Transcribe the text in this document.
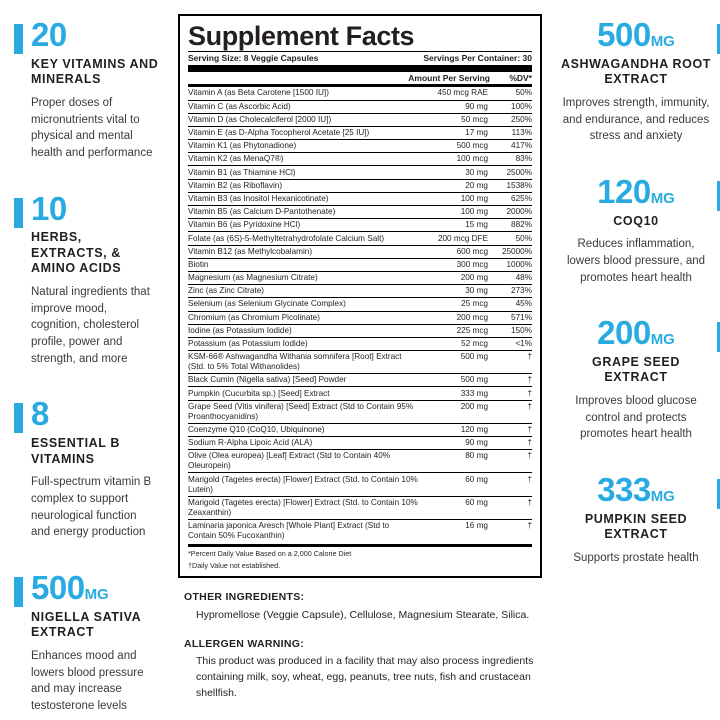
20
KEY VITAMINS AND MINERALS
Proper doses of micronutrients vital to physical and mental health and performance
10
HERBS, EXTRACTS, & AMINO ACIDS
Natural ingredients that improve mood, cognition, cholesterol profile, power and strength, and more
8
ESSENTIAL B VITAMINS
Full-spectrum vitamin B complex to support neurological function and energy production
500MG
NIGELLA SATIVA EXTRACT
Enhances mood and lowers blood pressure and may increase testosterone levels
Supplement Facts
Serving Size: 8 Veggie Capsules	Servings Per Container: 30
Amount Per Serving	%DV*
Vitamin A (as Beta Carotene [1500 IU])	450 mcg RAE	50%
Vitamin C (as Ascorbic Acid)	90 mg	100%
Vitamin D (as Cholecalciferol [2000 IU])	50 mcg	250%
Vitamin E (as D-Alpha Tocopherol Acetate [25 IU])	17 mg	113%
Vitamin K1 (as Phytonadione)	500 mcg	417%
Vitamin K2 (as MenaQ7®)	100 mcg	83%
Vitamin B1 (as Thiamine HCl)	30 mg	2500%
Vitamin B2 (as Riboflavin)	20 mg	1538%
Vitamin B3 (as Inositol Hexanicotinate)	100 mg	625%
Vitamin B5 (as Calcium D-Pantothenate)	100 mg	2000%
Vitamin B6 (as Pyridoxine HCl)	15 mg	882%
Folate (as (6S)-5-Methyltetrahydrofolate Calcium Salt)	200 mcg DFE	50%
Vitamin B12 (as Methylcobalamin)	600 mcg	25000%
Biotin	300 mcg	1000%
Magnesium (as Magnesium Citrate)	200 mg	48%
Zinc (as Zinc Citrate)	30 mg	273%
Selenium (as Selenium Glycinate Complex)	25 mcg	45%
Chromium (as Chromium Picolinate)	200 mcg	571%
Iodine (as Potassium Iodide)	225 mcg	150%
Potassium (as Potassium Iodide)	52 mcg	<1%
KSM-66® Ashwagandha Withania somnifera [Root] Extract (Std. to 5% Total Withanolides)	500 mg	†
Black Cumin (Nigella sativa) [Seed] Powder	500 mg	†
Pumpkin (Cucurbita sp.) [Seed] Extract	333 mg	†
Grape Seed (Vitis vinifera) [Seed] Extract (Std to Contain 95% Proanthocyanidins)	200 mg	†
Coenzyme Q10 (CoQ10, Ubiquinone)	120 mg	†
Sodium R-Alpha Lipoic Acid (ALA)	90 mg	†
Olive (Olea europea) [Leaf] Extract (Std to Contain 40% Oleuropein)	80 mg	†
Marigold (Tagetes erecta) [Flower] Extract (Std. to Contain 10% Lutein)	60 mg	†
Marigold (Tagetes erecta) [Flower] Extract (Std. to Contain 10% Zeaxanthin)	60 mg	†
Laminaria japonica Aresch [Whole Plant] Extract (Std to Contain 50% Fucoxanthin)	16 mg	†
*Percent Daily Value Based on a 2,000 Calorie Diet
†Daily Value not established.
OTHER INGREDIENTS:
Hypromellose (Veggie Capsule), Cellulose, Magnesium Stearate, Silica.
ALLERGEN WARNING:
This product was produced in a facility that may also process ingredients containing milk, soy, wheat, egg, peanuts, tree nuts, fish and crustacean shellfish.
500MG
ASHWAGANDHA ROOT EXTRACT
Improves strength, immunity, and endurance, and reduces stress and anxiety
120MG
COQ10
Reduces inflammation, lowers blood pressure, and promotes heart health
200MG
GRAPE SEED EXTRACT
Improves blood glucose control and protects promotes heart health
333MG
PUMPKIN SEED EXTRACT
Supports prostate health
